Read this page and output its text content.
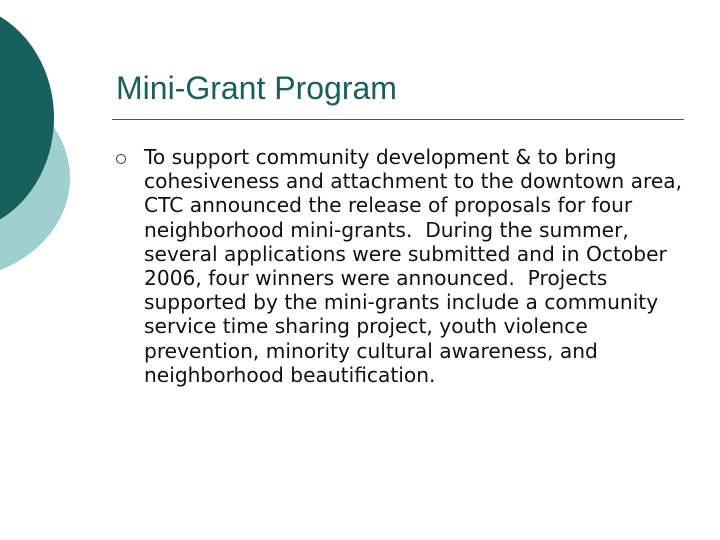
Mini-Grant Program
To support community development & to bring cohesiveness and attachment to the downtown area, CTC announced the release of proposals for four neighborhood mini-grants.  During the summer, several applications were submitted and in October 2006, four winners were announced.  Projects supported by the mini-grants include a community service time sharing project, youth violence prevention, minority cultural awareness, and neighborhood beautification.
